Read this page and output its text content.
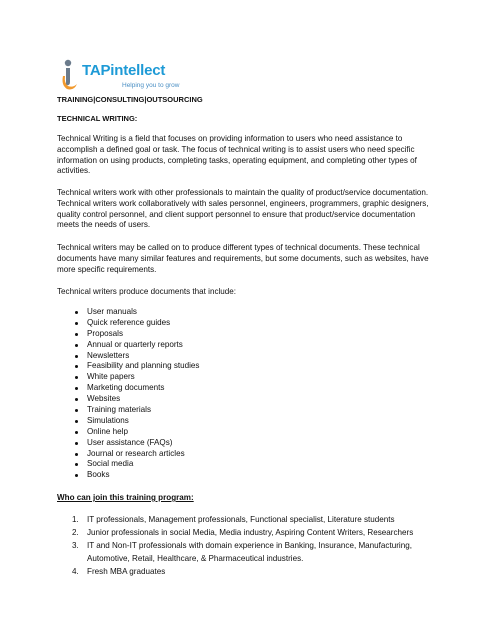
TAPintellect
Helping you to grow
TRAINING|CONSULTING|OUTSOURCING
TECHNICAL WRITING:

Technical Writing is a field that focuses on providing information to users who need assistance to accomplish a defined goal or task. The focus of technical writing is to assist users who need specific information on using products, completing tasks, operating equipment, and completing other types of activities.

Technical writers work with other professionals to maintain the quality of product/service documentation. Technical writers work collaboratively with sales personnel, engineers, programmers, graphic designers, quality control personnel, and client support personnel to ensure that product/service documentation meets the needs of users.

Technical writers may be called on to produce different types of technical documents. These technical documents have many similar features and requirements, but some documents, such as websites, have more specific requirements.

Technical writers produce documents that include:

User manuals
Quick reference guides
Proposals
Annual or quarterly reports
Newsletters
Feasibility and planning studies
White papers
Marketing documents
Websites
Training materials
Simulations
Online help
User assistance (FAQs)
Journal or research articles
Social media
Books
Who can join this training program:
1. IT professionals, Management professionals, Functional specialist, Literature students
2. Junior professionals in social Media, Media industry, Aspiring Content Writers, Researchers
3. IT and Non-IT professionals with domain experience in Banking, Insurance, Manufacturing, Automotive, Retail, Healthcare, & Pharmaceutical industries.
4. Fresh MBA graduates
